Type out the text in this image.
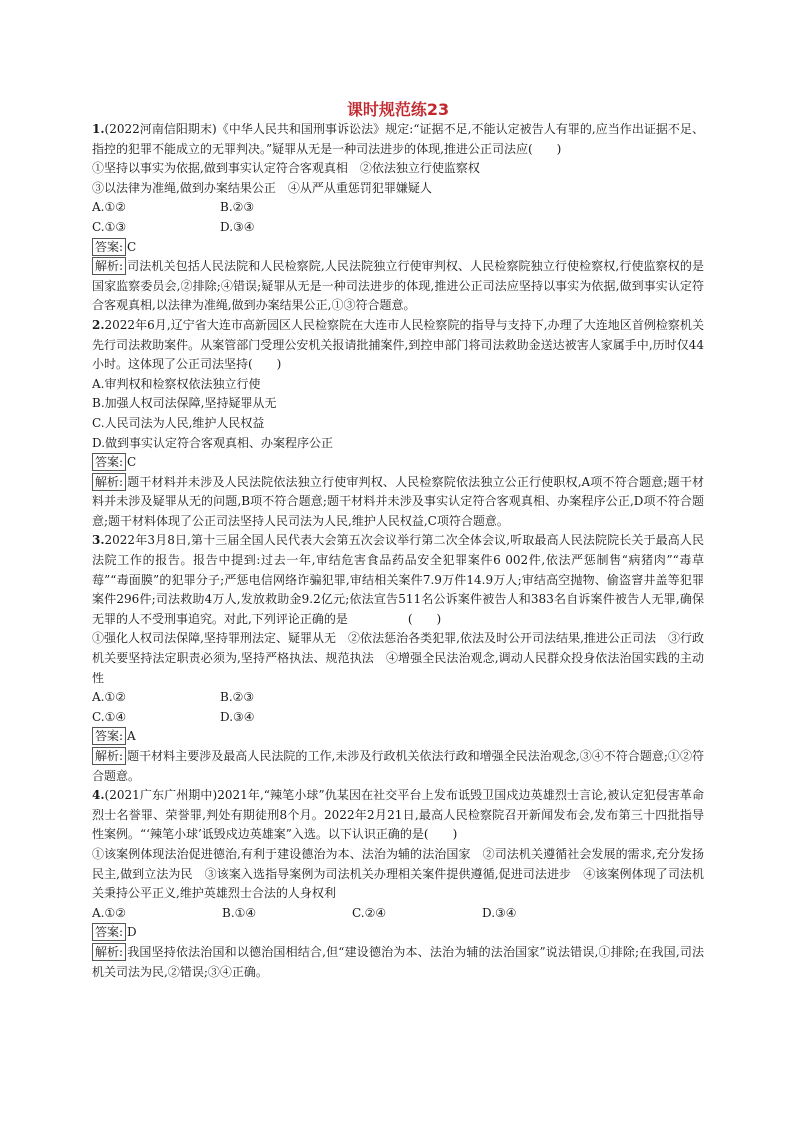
课时规范练23

1.(2022河南信阳期末)《中华人民共和国刑事诉讼法》规定:“证据不足,不能认定被告人有罪的,应当作出证据不足、指控的犯罪不能成立的无罪判决。”疑罪从无是一种司法进步的体现,推进公正司法应(　　)

①坚持以事实为依据,做到事实认定符合客观真相　②依法独立行使监察权

③以法律为准绳,做到办案结果公正　④从严从重惩罚犯罪嫌疑人

A.①②	B.②③
C.①③	D.③④

答案: C

解析: 司法机关包括人民法院和人民检察院,人民法院独立行使审判权、人民检察院独立行使检察权,行使监察权的是国家监察委员会,②排除;④错误;疑罪从无是一种司法进步的体现,推进公正司法应坚持以事实为依据,做到事实认定符合客观真相,以法律为准绳,做到办案结果公正,①③符合题意。

2.2022年6月,辽宁省大连市高新园区人民检察院在大连市人民检察院的指导与支持下,办理了大连地区首例检察机关先行司法救助案件。从案管部门受理公安机关报请批捕案件,到控申部门将司法救助金送达被害人家属手中,历时仅44小时。这体现了公正司法坚持(　　)

A.审判权和检察权依法独立行使

B.加强人权司法保障,坚持疑罪从无

C.人民司法为人民,维护人民权益

D.做到事实认定符合客观真相、办案程序公正

答案: C

解析: 题干材料并未涉及人民法院依法独立行使审判权、人民检察院依法独立公正行使职权,A项不符合题意;题干材料并未涉及疑罪从无的问题,B项不符合题意;题干材料并未涉及事实认定符合客观真相、办案程序公正,D项不符合题意;题干材料体现了公正司法坚持人民司法为人民,维护人民权益,C项符合题意。

3.2022年3月8日,第十三届全国人民代表大会第五次会议举行第二次全体会议,听取最高人民法院院长关于最高人民法院工作的报告。报告中提到:过去一年,审结危害食品药品安全犯罪案件6 002件,依法严惩制售“病猪肉”“毒草莓”“毒面膜”的犯罪分子;严惩电信网络诈骗犯罪,审结相关案件7.9万件14.9万人;审结高空抛物、偷盗窨井盖等犯罪案件296件;司法救助4万人,发放救助金9.2亿元;依法宣告511名公诉案件被告人和383名自诉案件被告人无罪,确保无罪的人不受刑事追究。对此,下列评论正确的是　　　　　(　　)

①强化人权司法保障,坚持罪刑法定、疑罪从无　②依法惩治各类犯罪,依法及时公开司法结果,推进公正司法　③行政机关要坚持法定职责必须为,坚持严格执法、规范执法　④增强全民法治观念,调动人民群众投身依法治国实践的主动性

A.①②	B.②③
C.①④	D.③④

答案: A

解析: 题干材料主要涉及最高人民法院的工作,未涉及行政机关依法行政和增强全民法治观念,③④不符合题意;①②符合题意。

4.(2021广东广州期中)2021年,“辣笔小球”仇某因在社交平台上发布诋毁卫国戍边英雄烈士言论,被认定犯侵害革命烈士名誉罪、荣誉罪,判处有期徒刑8个月。2022年2月21日,最高人民检察院召开新闻发布会,发布第三十四批指导性案例。“‘辣笔小球’诋毁戍边英雄案”入选。以下认识正确的是(　　)

①该案例体现法治促进德治,有利于建设德治为本、法治为辅的法治国家　②司法机关遵循社会发展的需求,充分发扬民主,做到立法为民　③该案入选指导案例为司法机关办理相关案件提供遵循,促进司法进步　④该案例体现了司法机关秉持公平正义,维护英雄烈士合法的人身权利

A.①②	B.①④	C.②④	D.③④

答案: D

解析: 我国坚持依法治国和以德治国相结合,但“建设德治为本、法治为辅的法治国家”说法错误,①排除;在我国,司法机关司法为民,②错误;③④正确。
